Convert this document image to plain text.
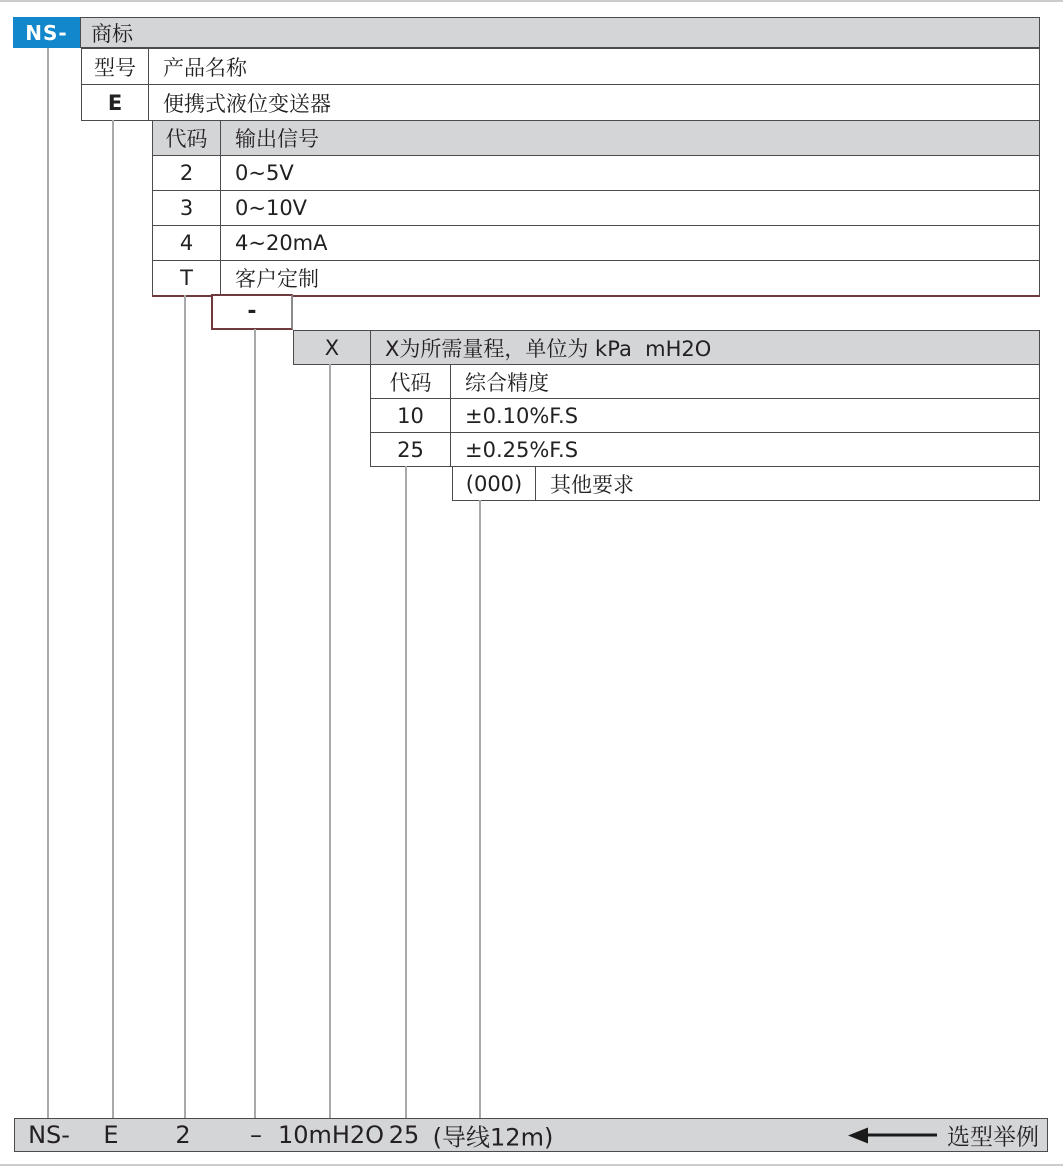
NS-	商标
型号	产品名称
E	便携式液位变送器
代码	输出信号
2	0~5V
3	0~10V
4	4~20mA
T	客户定制
-
X	X为所需量程，单位为 kPa  mH2O
代码	综合精度
10	±0.10%F.S
25	±0.25%F.S
(000)	其他要求
NS- E 2 – 10mH2O 25 (导线12m)	选型举例
